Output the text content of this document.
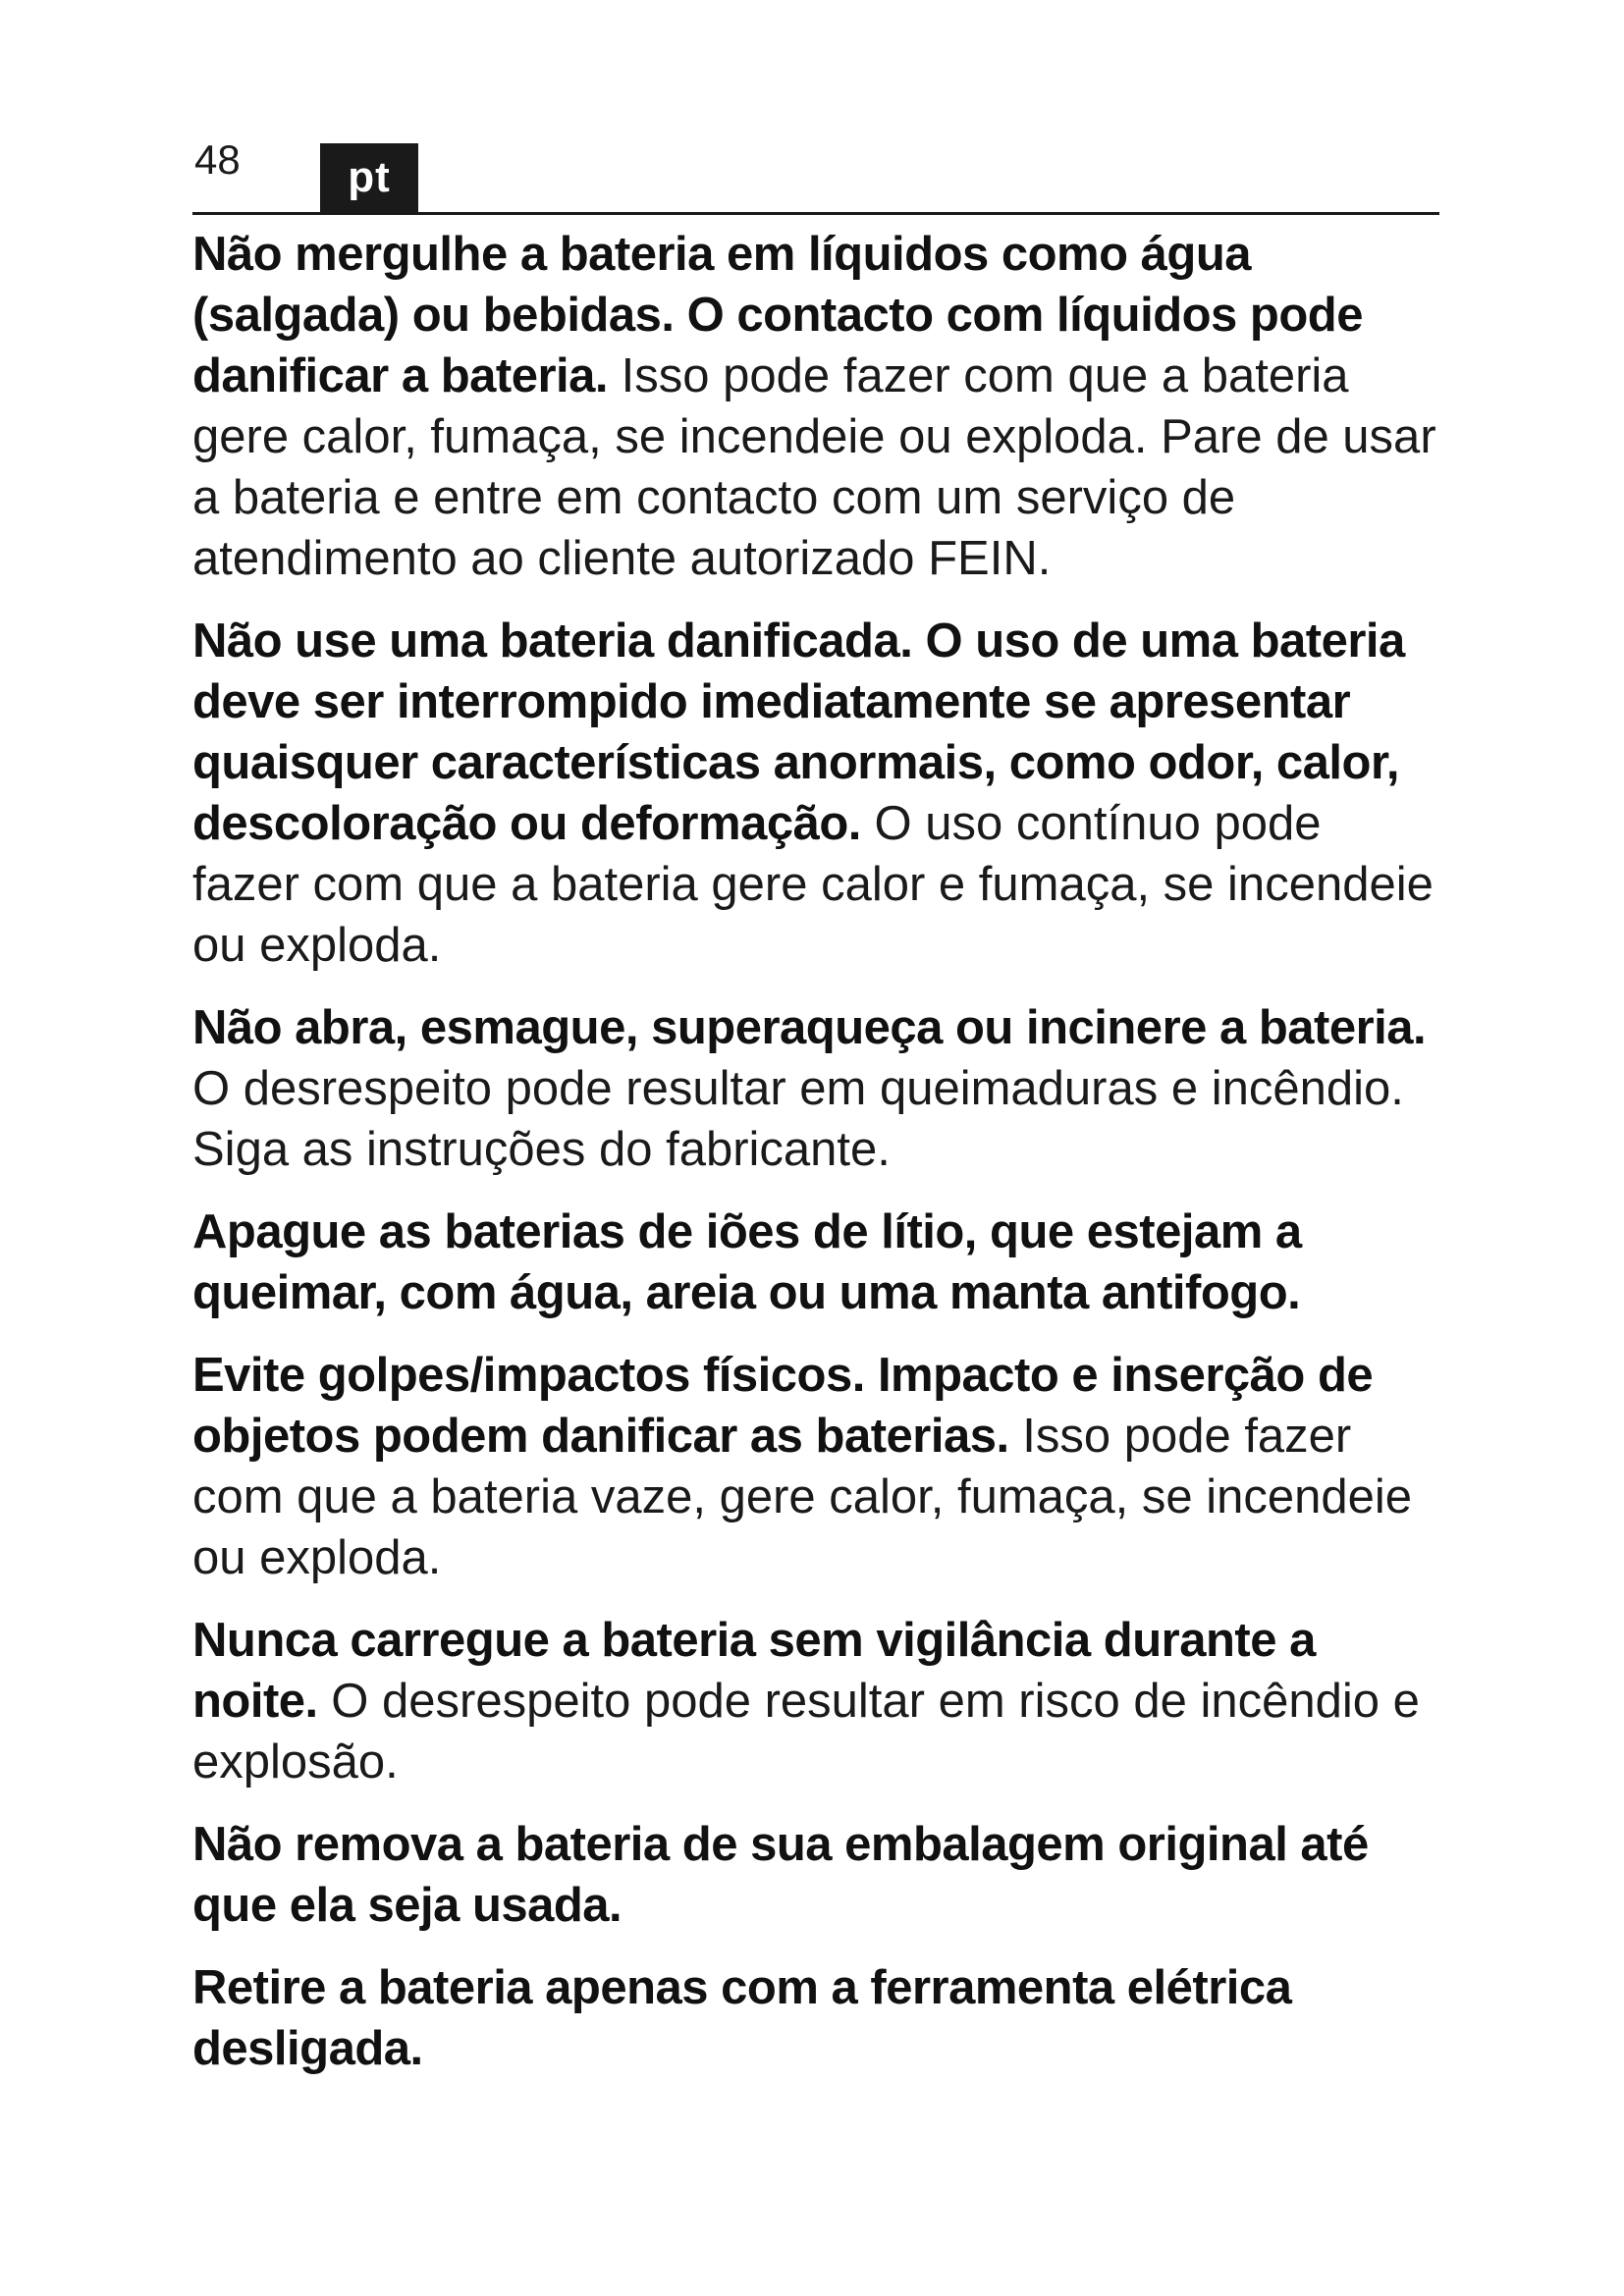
48	pt

Não mergulhe a bateria em líquidos como água (salgada) ou bebidas. O contacto com líquidos pode danificar a bateria. Isso pode fazer com que a bateria gere calor, fumaça, se incendeie ou exploda. Pare de usar a bateria e entre em contacto com um serviço de atendimento ao cliente autorizado FEIN.

Não use uma bateria danificada. O uso de uma bateria deve ser interrompido imediatamente se apresentar quaisquer características anormais, como odor, calor, descoloração ou deformação. O uso contínuo pode fazer com que a bateria gere calor e fumaça, se incendeie ou exploda.

Não abra, esmague, superaqueça ou incinere a bateria. O desrespeito pode resultar em queimaduras e incêndio. Siga as instruções do fabricante.

Apague as baterias de iões de lítio, que estejam a queimar, com água, areia ou uma manta antifogo.

Evite golpes/impactos físicos. Impacto e inserção de objetos podem danificar as baterias. Isso pode fazer com que a bateria vaze, gere calor, fumaça, se incendeie ou exploda.

Nunca carregue a bateria sem vigilância durante a noite. O desrespeito pode resultar em risco de incêndio e explosão.

Não remova a bateria de sua embalagem original até que ela seja usada.

Retire a bateria apenas com a ferramenta elétrica desligada.
